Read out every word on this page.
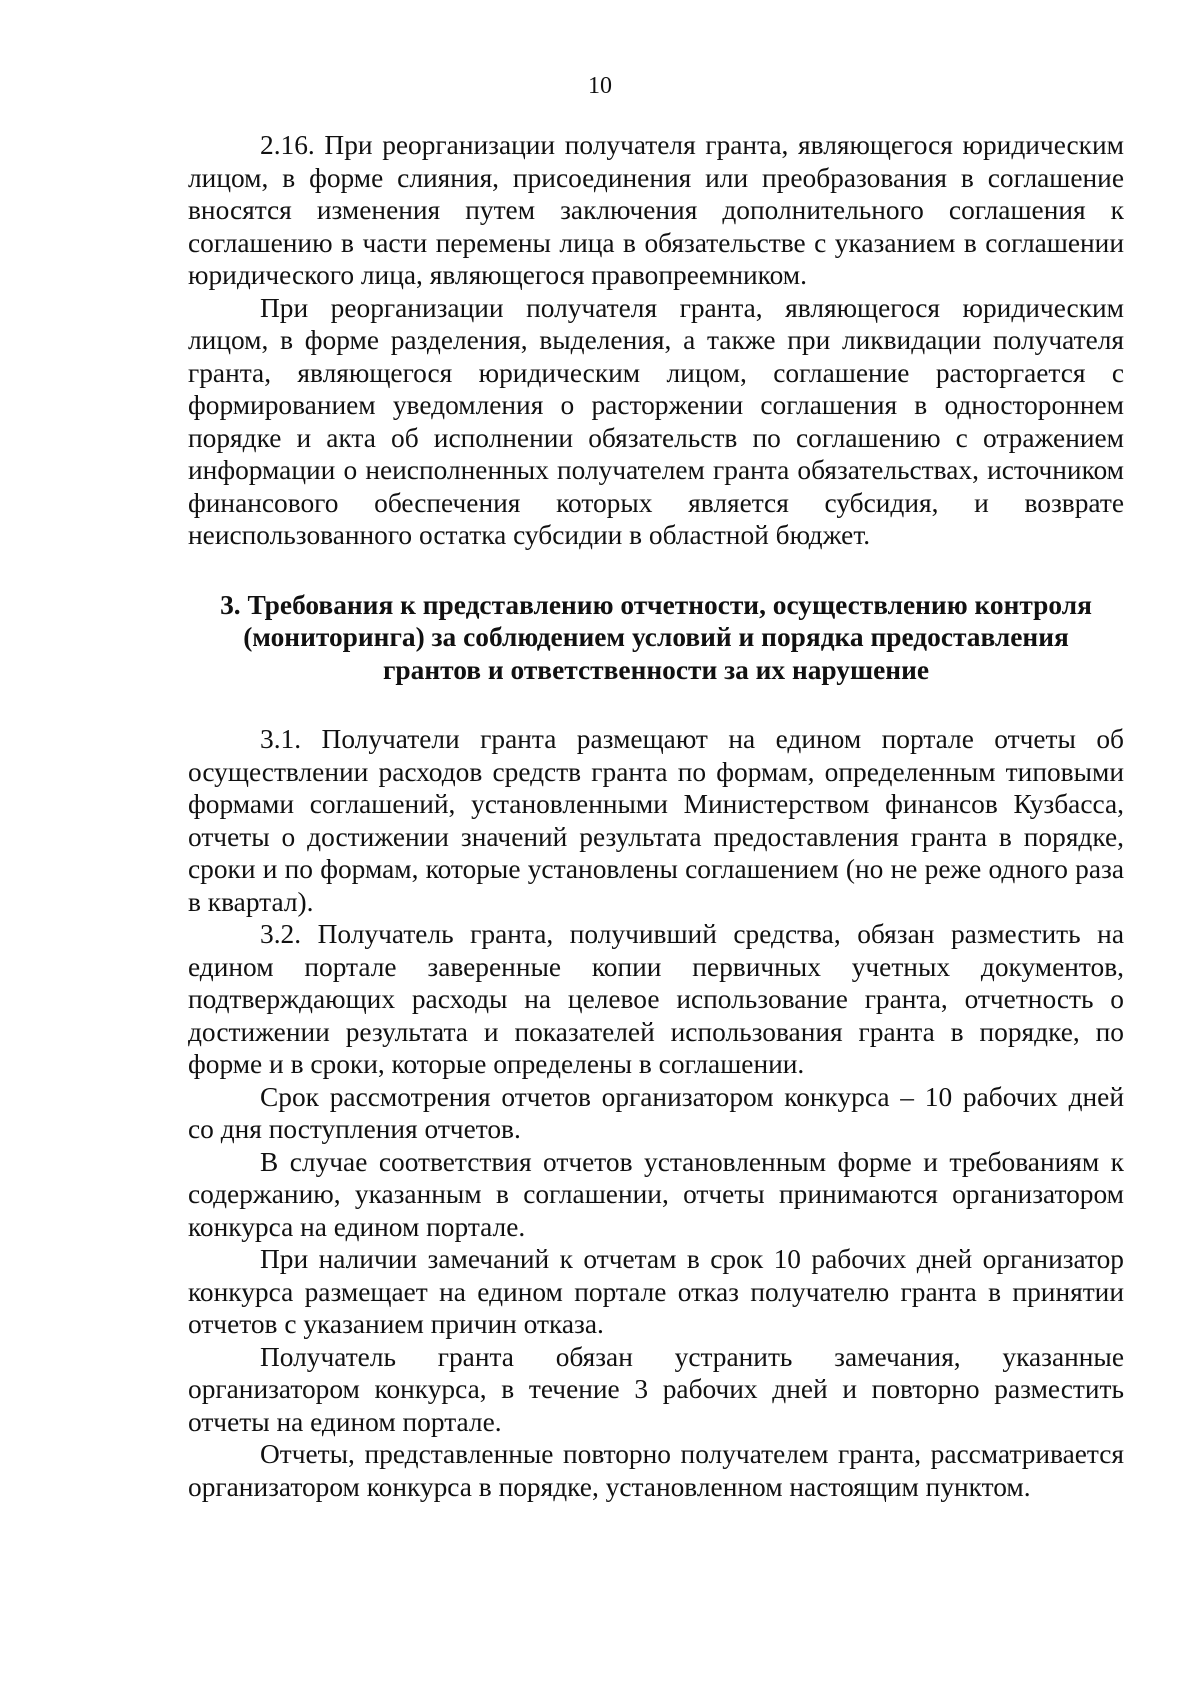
10

2.16. При реорганизации получателя гранта, являющегося юридическим лицом, в форме слияния, присоединения или преобразования в соглашение вносятся изменения путем заключения дополнительного соглашения к соглашению в части перемены лица в обязательстве с указанием в соглашении юридического лица, являющегося правопреемником.

При реорганизации получателя гранта, являющегося юридическим лицом, в форме разделения, выделения, а также при ликвидации получателя гранта, являющегося юридическим лицом, соглашение расторгается с формированием уведомления о расторжении соглашения в одностороннем порядке и акта об исполнении обязательств по соглашению с отражением информации о неисполненных получателем гранта обязательствах, источником финансового обеспечения которых является субсидия, и возврате неиспользованного остатка субсидии в областной бюджет.

3. Требования к представлению отчетности, осуществлению контроля (мониторинга) за соблюдением условий и порядка предоставления грантов и ответственности за их нарушение

3.1. Получатели гранта размещают на едином портале отчеты об осуществлении расходов средств гранта по формам, определенным типовыми формами соглашений, установленными Министерством финансов Кузбасса, отчеты о достижении значений результата предоставления гранта в порядке, сроки и по формам, которые установлены соглашением (но не реже одного раза в квартал).

3.2. Получатель гранта, получивший средства, обязан разместить на едином портале заверенные копии первичных учетных документов, подтверждающих расходы на целевое использование гранта, отчетность о достижении результата и показателей использования гранта в порядке, по форме и в сроки, которые определены в соглашении.

Срок рассмотрения отчетов организатором конкурса – 10 рабочих дней со дня поступления отчетов.

В случае соответствия отчетов установленным форме и требованиям к содержанию, указанным в соглашении, отчеты принимаются организатором конкурса на едином портале.

При наличии замечаний к отчетам в срок 10 рабочих дней организатор конкурса размещает на едином портале отказ получателю гранта в принятии отчетов с указанием причин отказа.

Получатель гранта обязан устранить замечания, указанные организатором конкурса, в течение 3 рабочих дней и повторно разместить отчеты на едином портале.

Отчеты, представленные повторно получателем гранта, рассматривается организатором конкурса в порядке, установленном настоящим пунктом.
